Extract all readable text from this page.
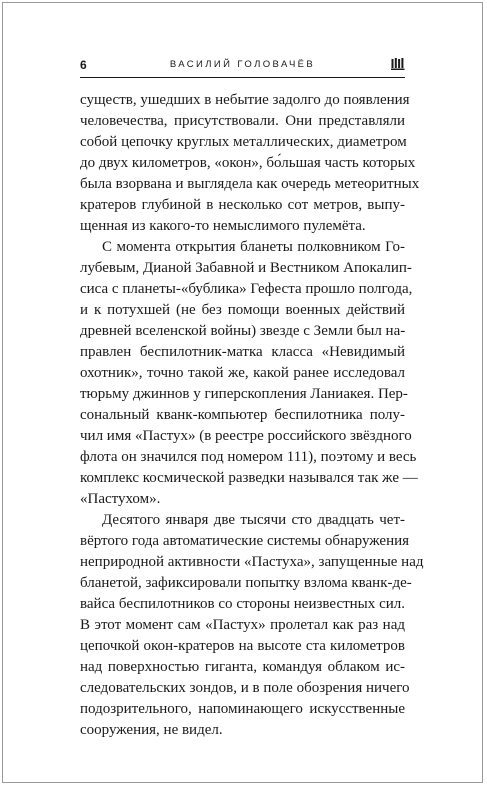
6	ВАСИЛИЙ ГОЛОВАЧЁВ

существ, ушедших в небытие задолго до появления
человечества, присутствовали. Они представляли
собой цепочку круглых металлических, диаметром
до двух километров, «окон», бо́льшая часть которых
была взорвана и выглядела как очередь метеоритных
кратеров глубиной в несколько сот метров, выпу-
щенная из какого-то немыслимого пулемёта.

С момента открытия бланеты полковником Го-
лубевым, Дианой Забавной и Вестником Апокалип-
сиса с планеты-«бублика» Гефеста прошло полгода,
и к потухшей (не без помощи военных действий
древней вселенской войны) звезде с Земли был на-
правлен беспилотник-матка класса «Невидимый
охотник», точно такой же, какой ранее исследовал
тюрьму джиннов у гиперскопления Ланиакея. Пер-
сональный кванк-компьютер беспилотника полу-
чил имя «Пастух» (в реестре российского звёздного
флота он значился под номером 111), поэтому и весь
комплекс космической разведки назывался так же —
«Пастухом».

Десятого января две тысячи сто двадцать чет-
вёртого года автоматические системы обнаружения
неприродной активности «Пастуха», запущенные над
бланетой, зафиксировали попытку взлома кванк-де-
вайса беспилотников со стороны неизвестных сил.
В этот момент сам «Пастух» пролетал как раз над
цепочкой окон-кратеров на высоте ста километров
над поверхностью гиганта, командуя облаком ис-
следовательских зондов, и в поле обозрения ничего
подозрительного, напоминающего искусственные
сооружения, не видел.
